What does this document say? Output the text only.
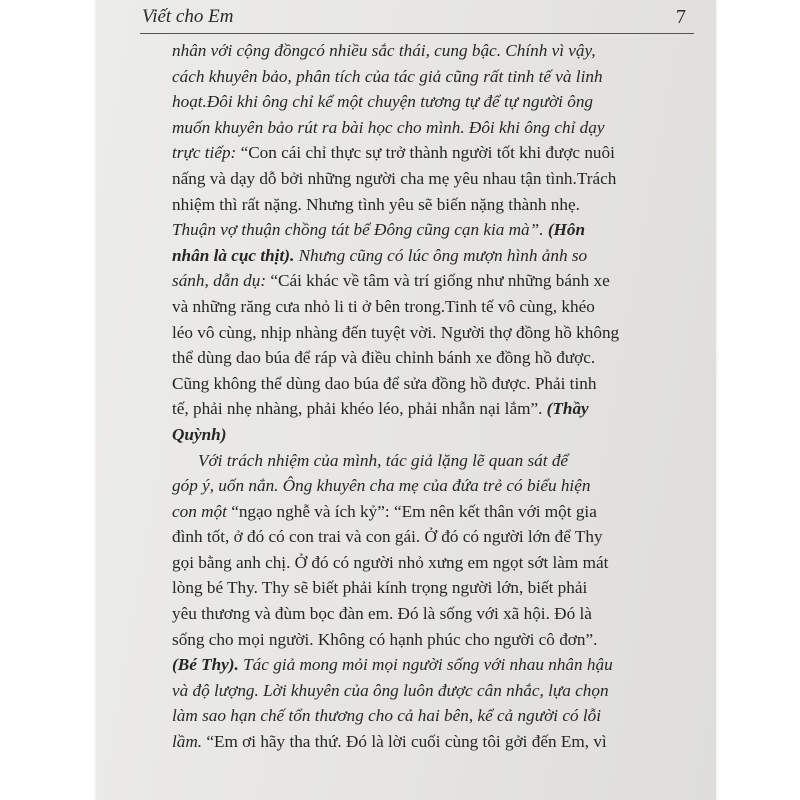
Viết cho Em	7
nhân với cộng đồngcó nhiều sắc thái, cung bậc. Chính vì vậy,
cách khuyên bảo, phân tích của tác giả cũng rất tinh tế và linh
hoạt.Đôi khi ông chỉ kể một chuyện tương tự để tự người ông
muốn khuyên bảo rút ra bài học cho mình. Đôi khi ông chỉ dạy
trực tiếp: “Con cái chỉ thực sự trở thành người tốt khi được nuôi
nấng và dạy dỗ bởi những người cha mẹ yêu nhau tận tình.Trách
nhiệm thì rất nặng. Nhưng tình yêu sẽ biến nặng thành nhẹ.
Thuận vợ thuận chồng tát bể Đông cũng cạn kia mà”. (Hôn
nhân là cục thịt). Nhưng cũng có lúc ông mượn hình ảnh so
sánh, dẫn dụ: “Cái khác về tâm và trí giống như những bánh xe
và những răng cưa nhỏ li ti ở bên trong.Tinh tế vô cùng, khéo
léo vô cùng, nhịp nhàng đến tuyệt vời. Người thợ đồng hồ không
thể dùng dao búa để ráp và điều chỉnh bánh xe đồng hồ được.
Cũng không thể dùng dao búa để sửa đồng hồ được. Phải tinh
tế, phải nhẹ nhàng, phải khéo léo, phải nhẫn nại lắm”. (Thầy
Quỳnh)
Với trách nhiệm của mình, tác giả lặng lẽ quan sát để
góp ý, uốn nắn. Ông khuyên cha mẹ của đứa trẻ có biểu hiện
con một “ngạo nghễ và ích kỷ”: “Em nên kết thân với một gia
đình tốt, ở đó có con trai và con gái. Ở đó có người lớn để Thy
gọi bằng anh chị. Ở đó có người nhỏ xưng em ngọt sớt làm mát
lòng bé Thy. Thy sẽ biết phải kính trọng người lớn, biết phải
yêu thương và đùm bọc đàn em. Đó là sống với xã hội. Đó là
sống cho mọi người. Không có hạnh phúc cho người cô đơn”.
(Bé Thy). Tác giả mong mỏi mọi người sống với nhau nhân hậu
và độ lượng. Lời khuyên của ông luôn được cân nhắc, lựa chọn
làm sao hạn chế tổn thương cho cả hai bên, kể cả người có lỗi
lầm. “Em ơi hãy tha thứ. Đó là lời cuối cùng tôi gởi đến Em, vì
